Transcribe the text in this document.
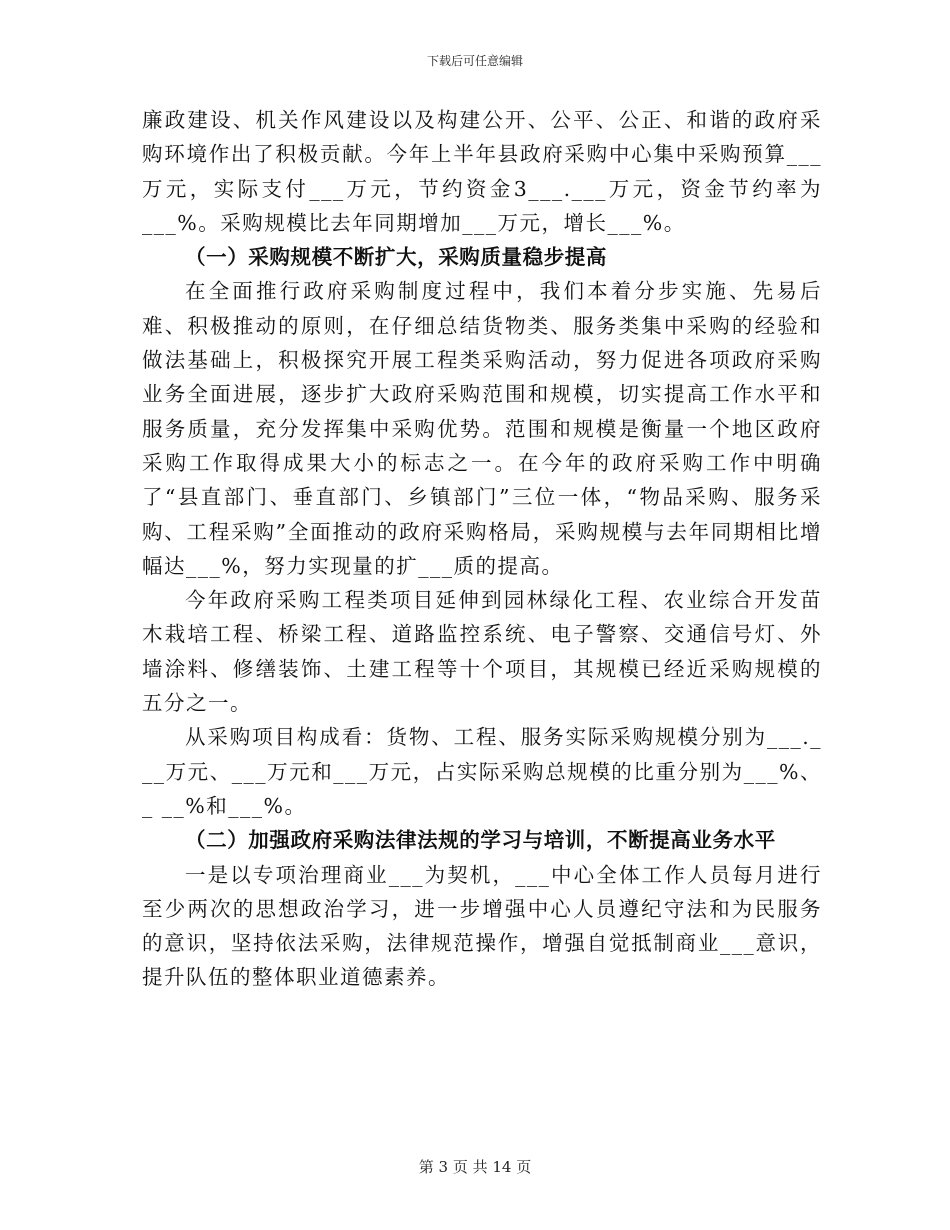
下载后可任意编辑

廉政建设、机关作风建设以及构建公开、公平、公正、和谐的政府采购环境作出了积极贡献。今年上半年县政府采购中心集中采购预算___万元，实际支付___万元，节约资金3___.___万元，资金节约率为___%。采购规模比去年同期增加___万元，增长___%。

（一）采购规模不断扩大，采购质量稳步提高

在全面推行政府采购制度过程中，我们本着分步实施、先易后难、积极推动的原则，在仔细总结货物类、服务类集中采购的经验和做法基础上，积极探究开展工程类采购活动，努力促进各项政府采购业务全面进展，逐步扩大政府采购范围和规模，切实提高工作水平和服务质量，充分发挥集中采购优势。范围和规模是衡量一个地区政府采购工作取得成果大小的标志之一。在今年的政府采购工作中明确了“县直部门、垂直部门、乡镇部门”三位一体，“物品采购、服务采购、工程采购”全面推动的政府采购格局，采购规模与去年同期相比增幅达___%，努力实现量的扩___质的提高。

今年政府采购工程类项目延伸到园林绿化工程、农业综合开发苗木栽培工程、桥梁工程、道路监控系统、电子警察、交通信号灯、外墙涂料、修缮装饰、土建工程等十个项目，其规模已经近采购规模的五分之一。

从采购项目构成看：货物、工程、服务实际采购规模分别为___._ __万元、___万元和___万元，占实际采购总规模的比重分别为___%、_ __%和___%。

（二）加强政府采购法律法规的学习与培训，不断提高业务水平

一是以专项治理商业___为契机，___中心全体工作人员每月进行至少两次的思想政治学习，进一步增强中心人员遵纪守法和为民服务的意识，坚持依法采购，法律规范操作，增强自觉抵制商业___意识，提升队伍的整体职业道德素养。

第 3 页 共 14 页
